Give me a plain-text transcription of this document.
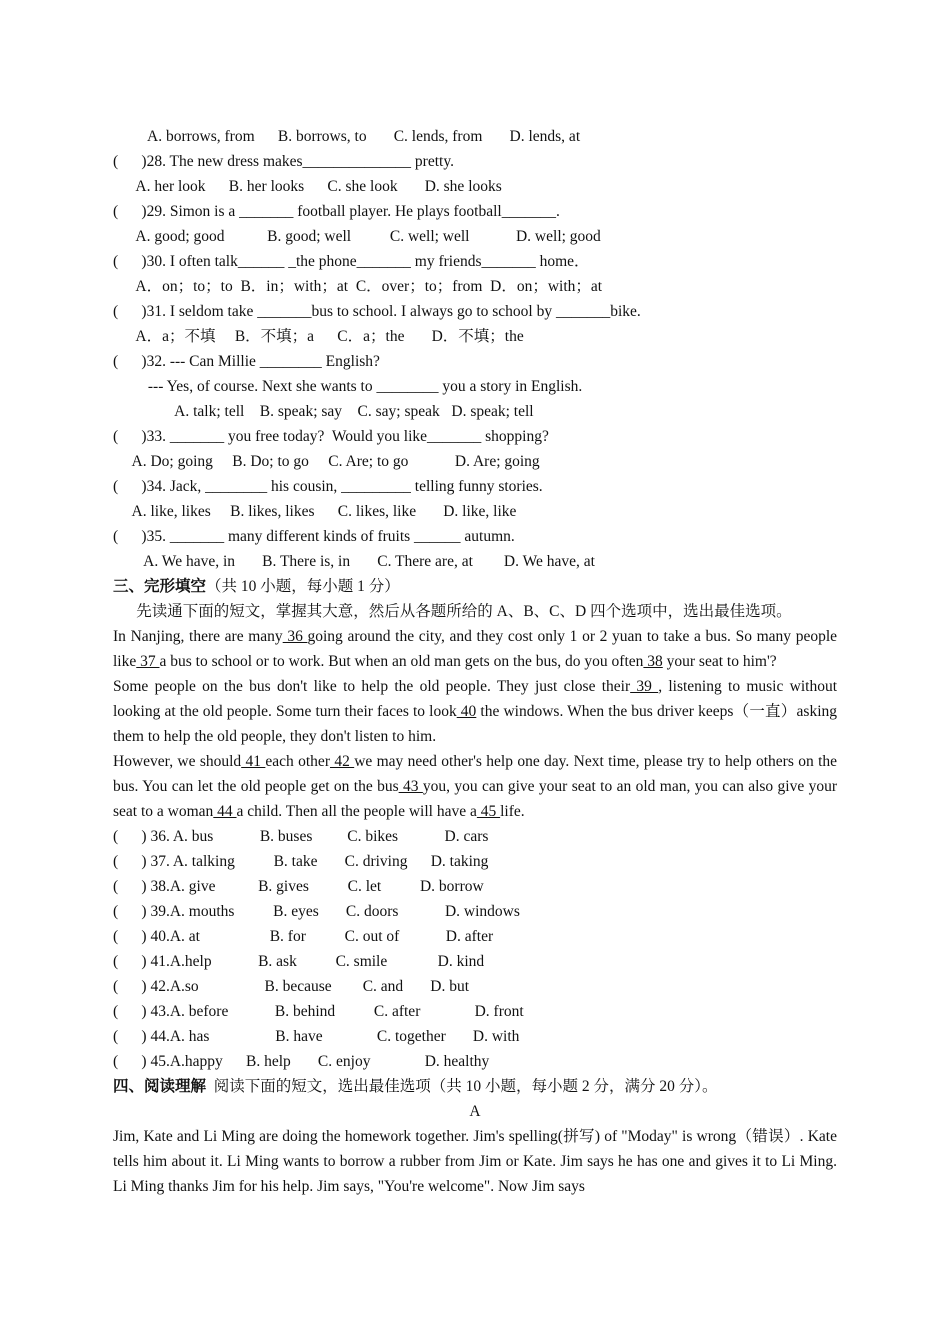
A. borrows, from      B. borrows, to       C. lends, from       D. lends, at
(      )28. The new dress makes______________ pretty.
A. her look      B. her looks      C. she look       D. she looks
(      )29. Simon is a _______ football player. He plays football_______.
A. good; good           B. good; well          C. well; well            D. well; good
(      )30. I often talk______ _the phone_______ my friends_______ home．
A．on；to；to  B．in；with；at  C．over；to；from  D．on；with；at
(      )31. I seldom take _______bus to school. I always go to school by _______bike.
A．a；不填     B．不填；a      C．a；the       D．不填；the
(      )32. --- Can Millie ________ English?
--- Yes, of course. Next she wants to ________ you a story in English.
A. talk; tell    B. speak; say    C. say; speak   D. speak; tell
(      )33. _______ you free today?  Would you like_______ shopping?
A. Do; going     B. Do; to go     C. Are; to go            D. Are; going
(      )34. Jack, ________ his cousin, _________ telling funny stories.
A. like, likes     B. likes, likes      C. likes, like       D. like, like
(      )35. _______ many different kinds of fruits ______ autumn.
A. We have, in       B. There is, in       C. There are, at        D. We have, at
三、完形填空（共 10 小题，每小题 1 分）
先读通下面的短文，掌握其大意，然后从各题所给的 A、B、C、D 四个选项中，选出最佳选项。
In Nanjing, there are many 36 going around the city, and they cost only 1 or 2 yuan to take a bus. So many people like 37 a bus to school or to work. But when an old man gets on the bus, do you often 38 your seat to him'?
Some people on the bus don't like to help the old people. They just close their 39 , listening to music without looking at the old people. Some turn their faces to look 40 the windows. When the bus driver keeps（一直）asking them to help the old people, they don't listen to him.
However, we should 41 each other 42 we may need other's help one day. Next time, please try to help others on the bus. You can let the old people get on the bus 43 you, you can give your seat to an old man, you can also give your seat to a woman 44 a child. Then all the people will have a 45 life.
(      ) 36. A. bus            B. buses         C. bikes            D. cars
(      ) 37. A. talking          B. take       C. driving      D. taking
(      ) 38.A. give           B. gives          C. let          D. borrow
(      ) 39.A. mouths          B. eyes       C. doors            D. windows
(      ) 40.A. at                  B. for          C. out of            D. after
(      ) 41.A.help            B. ask          C. smile             D. kind
(      ) 42.A.so                 B. because        C. and       D. but
(      ) 43.A. before            B. behind          C. after              D. front
(      ) 44.A. has                 B. have              C. together       D. with
(      ) 45.A.happy      B. help       C. enjoy              D. healthy
四、阅读理解  阅读下面的短文，选出最佳选项（共 10 小题，每小题 2 分，满分 20 分）。
A
Jim, Kate and Li Ming are doing the homework together. Jim's spelling(拼写) of "Moday" is wrong（错误）. Kate tells him about it. Li Ming wants to borrow a rubber from Jim or Kate. Jim says he has one and gives it to Li Ming. Li Ming thanks Jim for his help. Jim says, "You're welcome". Now Jim says
